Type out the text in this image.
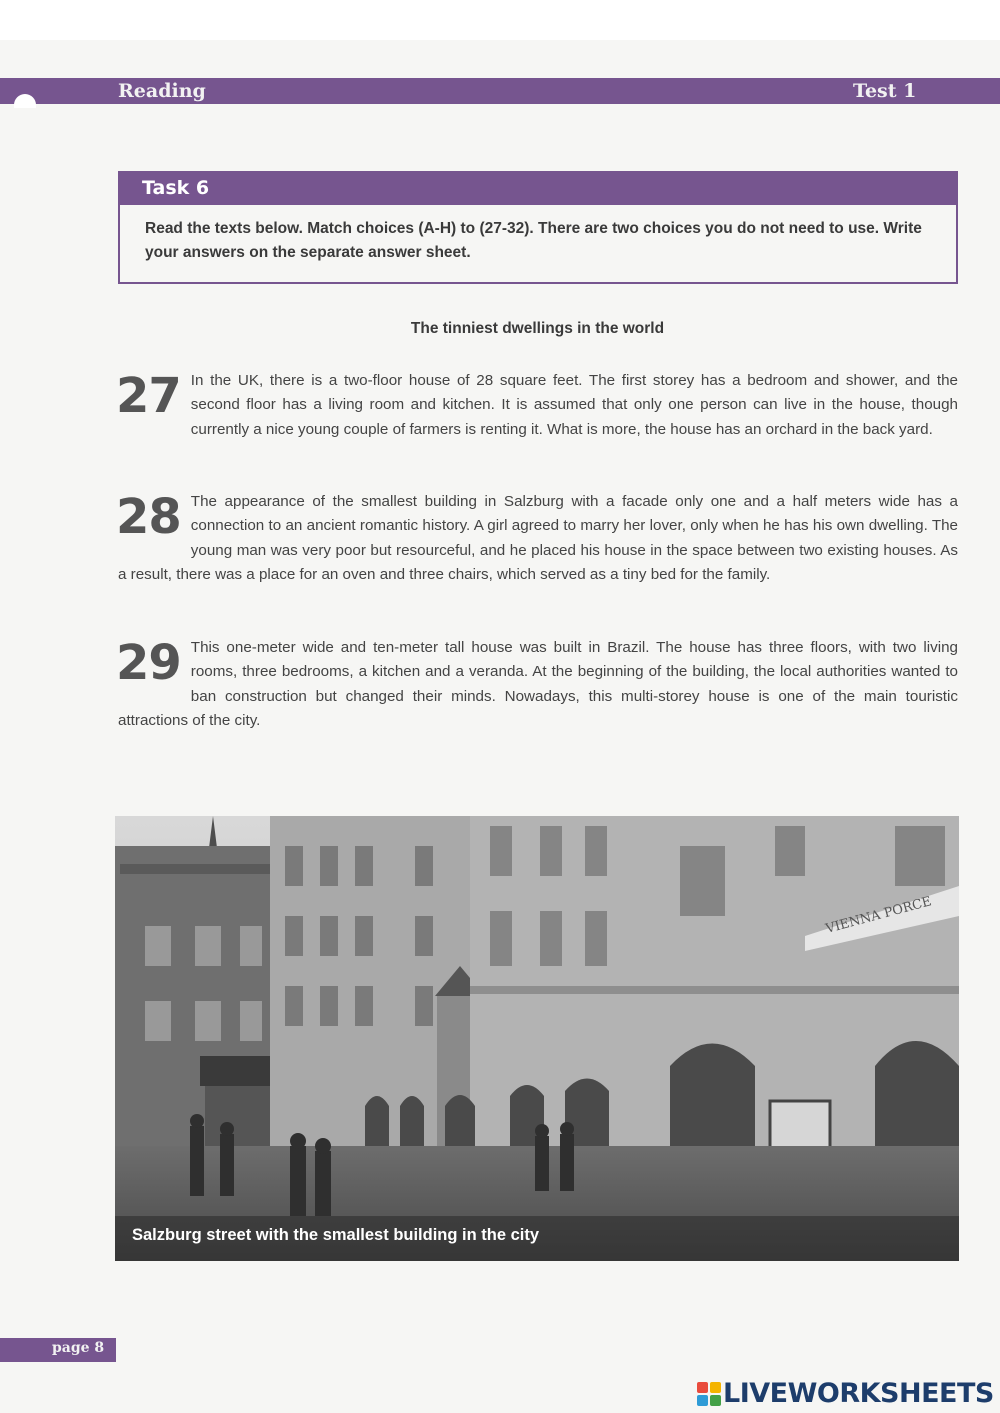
Reading	Test 1
Task 6
Read the texts below. Match choices (A-H) to (27-32). There are two choices you do not need to use. Write your answers on the separate answer sheet.
The tinniest dwellings in the world
27 In the UK, there is a two-floor house of 28 square feet. The first storey has a bedroom and shower, and the second floor has a living room and kitchen. It is assumed that only one person can live in the house, though currently a nice young couple of farmers is renting it. What is more, the house has an orchard in the back yard.
28 The appearance of the smallest building in Salzburg with a facade only one and a half meters wide has a connection to an ancient romantic history. A girl agreed to marry her lover, only when he has his own dwelling. The young man was very poor but resourceful, and he placed his house in the space between two existing houses. As a result, there was a place for an oven and three chairs, which served as a tiny bed for the family.
29 This one-meter wide and ten-meter tall house was built in Brazil. The house has three floors, with two living rooms, three bedrooms, a kitchen and a veranda. At the beginning of the building, the local authorities wanted to ban construction but changed their minds. Nowadays, this multi-storey house is one of the main touristic attractions of the city.
VIENNA PORCE
Salzburg street with the smallest building in the city
page 8
LIVEWORKSHEETS
